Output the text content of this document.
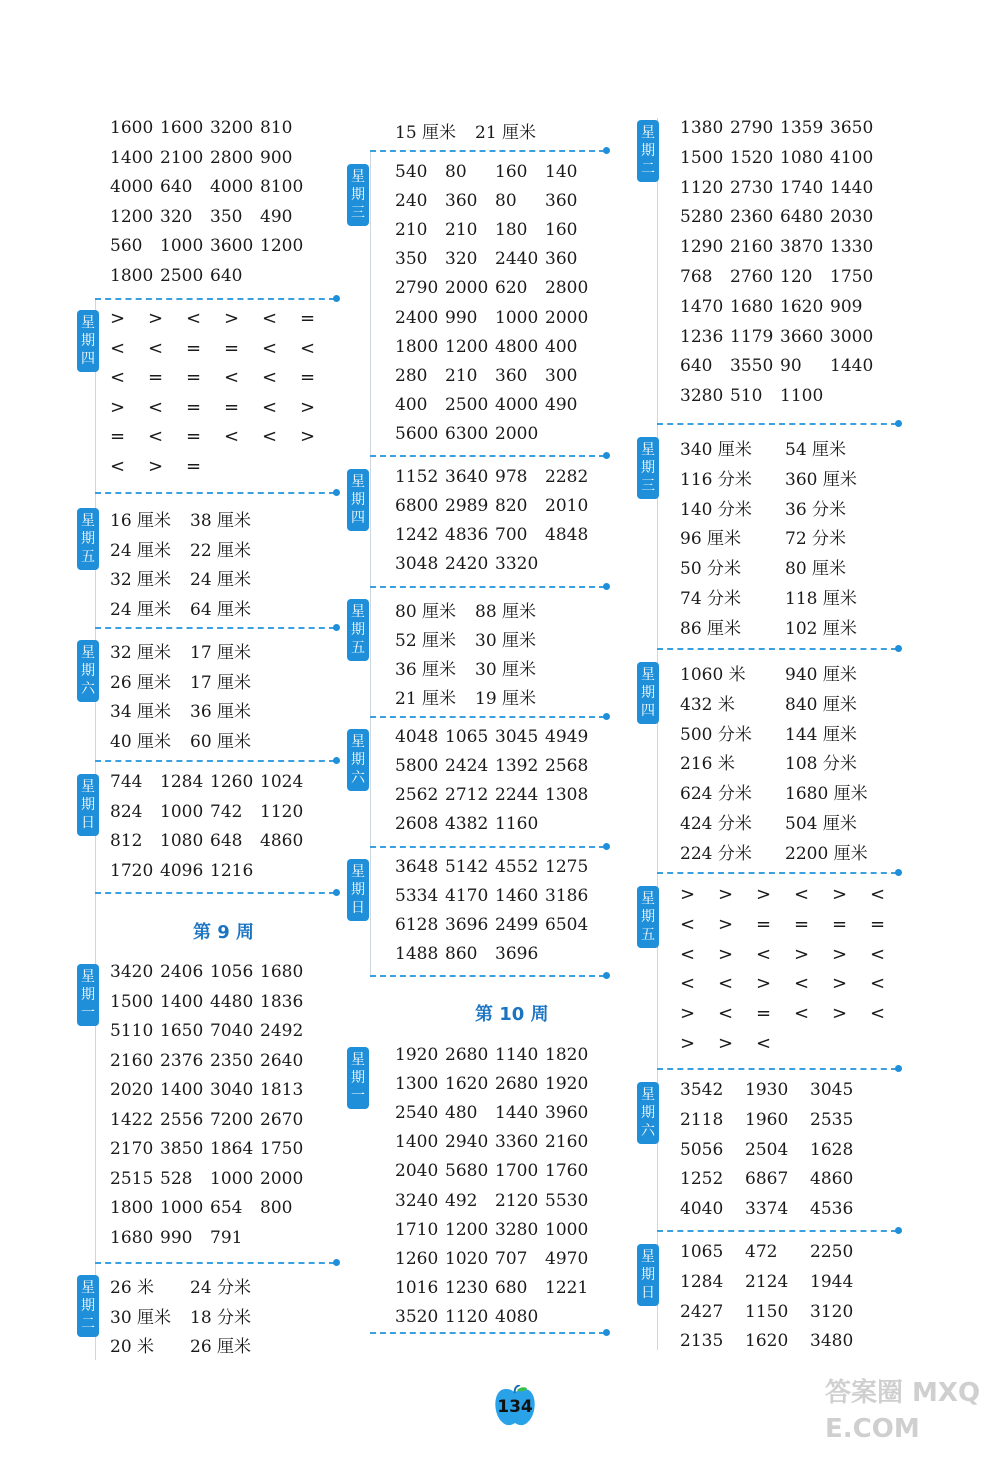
1600 1600 3200 810
1400 2100 2800 900
4000 640 4000 8100
1200 320 350 490
560 1000 3600 1200
1800 2500 640
星
期
四
> > < > < =
< < = = < <
< = = < < =
> < = = < >
= < = < < >
< > =
星
期
五
16 厘米 38 厘米
24 厘米 22 厘米
32 厘米 24 厘米
24 厘米 64 厘米
星
期
六
32 厘米 17 厘米
26 厘米 17 厘米
34 厘米 36 厘米
40 厘米 60 厘米
星
期
日
744 1284 1260 1024
824 1000 742 1120
812 1080 648 4860
1720 4096 1216
第 9 周
星
期
一
3420 2406 1056 1680
1500 1400 4480 1836
5110 1650 7040 2492
2160 2376 2350 2640
2020 1400 3040 1813
1422 2556 7200 2670
2170 3850 1864 1750
2515 528 1000 2000
1800 1000 654 800
1680 990 791
星
期
二
26 米 24 分米
30 厘米 18 分米
20 米 26 厘米
15 厘米 21 厘米
星
期
三
540 80 160 140
240 360 80 360
210 210 180 160
350 320 2440 360
2790 2000 620 2800
2400 990 1000 2000
1800 1200 4800 400
280 210 360 300
400 2500 4000 490
5600 6300 2000
星
期
四
1152 3640 978 2282
6800 2989 820 2010
1242 4836 700 4848
3048 2420 3320
星
期
五
80 厘米 88 厘米
52 厘米 30 厘米
36 厘米 30 厘米
21 厘米 19 厘米
星
期
六
4048 1065 3045 4949
5800 2424 1392 2568
2562 2712 2244 1308
2608 4382 1160
星
期
日
3648 5142 4552 1275
5334 4170 1460 3186
6128 3696 2499 6504
1488 860 3696
第 10 周
星
期
一
1920 2680 1140 1820
1300 1620 2680 1920
2540 480 1440 3960
1400 2940 3360 2160
2040 5680 1700 1760
3240 492 2120 5530
1710 1200 3280 1000
1260 1020 707 4970
1016 1230 680 1221
3520 1120 4080
星
期
二
1380 2790 1359 3650
1500 1520 1080 4100
1120 2730 1740 1440
5280 2360 6480 2030
1290 2160 3870 1330
768 2760 120 1750
1470 1680 1620 909
1236 1179 3660 3000
640 3550 90 1440
3280 510 1100
星
期
三
340 厘米 54 厘米
116 分米 360 厘米
140 分米 36 分米
96 厘米	72 分米
50 分米	80 厘米
74 分米	118 厘米
86 厘米	102 厘米
星
期
四
1060 米 940 厘米
432 米	840 厘米
500 分米 144 厘米
216 米	108 分米
624 分米 1680 厘米
424 分米 504 厘米
224 分米 2200 厘米
星
期
五
> > > < > <
< > = = = =
< > < > > <
< < > < > <
> < = < > <
> > <
星
期
六
3542 1930 3045
2118 1960 2535
5056 2504 1628
1252 6867 4860
4040 3374 4536
星
期
日
1065 472 2250
1284 2124 1944
2427 1150 3120
2135 1620 3480
134	答案圈 MXQE.COM
